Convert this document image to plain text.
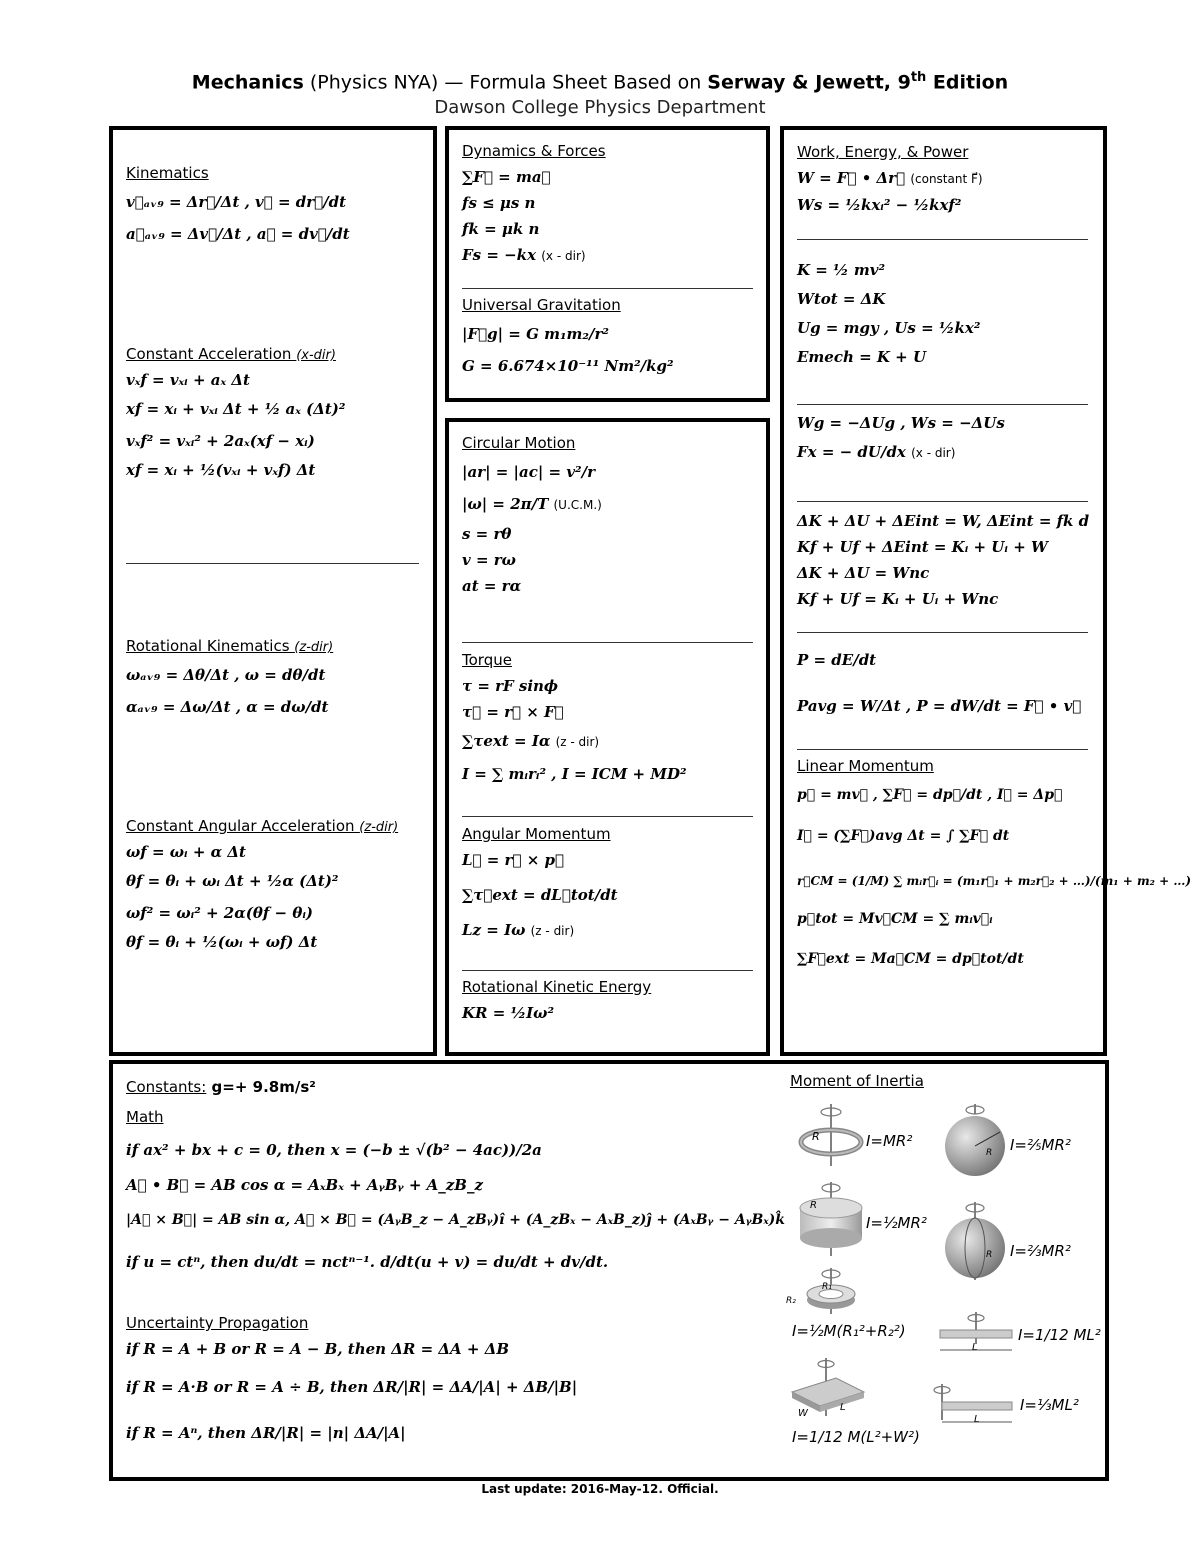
Mechanics (Physics NYA) — Formula Sheet Based on Serway & Jewett, 9th Edition
Dawson College Physics Department
Kinematics
v⃗ₐᵥ₉ = Δr⃗/Δt , v⃗ = dr⃗/dt
a⃗ₐᵥ₉ = Δv⃗/Δt , a⃗ = dv⃗/dt
Constant Acceleration (x-dir)
vₓf = vₓᵢ + aₓ Δt
xf = xᵢ + vₓᵢ Δt + ½ aₓ (Δt)²
vₓf² = vₓᵢ² + 2aₓ(xf − xᵢ)
xf = xᵢ + ½(vₓᵢ + vₓf) Δt
Rotational Kinematics (z-dir)
ωₐᵥ₉ = Δθ/Δt , ω = dθ/dt
αₐᵥ₉ = Δω/Δt , α = dω/dt
Constant Angular Acceleration (z-dir)
ωf = ωᵢ + α Δt
θf = θᵢ + ωᵢ Δt + ½α (Δt)²
ωf² = ωᵢ² + 2α(θf − θᵢ)
θf = θᵢ + ½(ωᵢ + ωf) Δt
Dynamics & Forces
∑F⃗ = ma⃗
fs ≤ μs n
fk = μk n
Fs = −kx (x - dir)
Universal Gravitation
|F⃗g| = G m₁m₂/r²
G = 6.674×10⁻¹¹ Nm²/kg²
Circular Motion
|ar| = |ac| = v²/r
|ω| = 2π/T (U.C.M.)
s = rθ
v = rω
at = rα
Torque
τ = rF sinϕ
τ⃗ = r⃗ × F⃗
∑τext = Iα (z - dir)
I = ∑ mᵢrᵢ² , I = ICM + MD²
Angular Momentum
L⃗ = r⃗ × p⃗
∑τ⃗ext = dL⃗tot/dt
Lz = Iω (z - dir)
Rotational Kinetic Energy
KR = ½Iω²
Work, Energy, & Power
W = F⃗ • Δr⃗ (constant F⃗)
Ws = ½kxᵢ² − ½kxf²
K = ½ mv²
Wtot = ΔK
Ug = mgy , Us = ½kx²
Emech = K + U
Wg = −ΔUg , Ws = −ΔUs
Fx = − dU/dx (x - dir)
ΔK + ΔU + ΔEint = W, ΔEint = fk d
Kf + Uf + ΔEint = Kᵢ + Uᵢ + W
ΔK + ΔU = Wnc
Kf + Uf = Kᵢ + Uᵢ + Wnc
P = dE/dt
Pavg = W/Δt , P = dW/dt = F⃗ • v⃗
Linear Momentum
p⃗ = mv⃗ , ∑F⃗ = dp⃗/dt , I⃗ = Δp⃗
I⃗ = (∑F⃗)avg Δt = ∫ ∑F⃗ dt
r⃗CM = (1/M) ∑ mᵢr⃗ᵢ = (m₁r⃗₁ + m₂r⃗₂ + …)/(m₁ + m₂ + …)
p⃗tot = Mv⃗CM = ∑ mᵢv⃗ᵢ
∑F⃗ext = Ma⃗CM = dp⃗tot/dt
Constants: g=+ 9.8m/s²
Math
if ax² + bx + c = 0, then x = (−b ± √(b² − 4ac))/2a
A⃗ • B⃗ = AB cos α = AₓBₓ + AᵧBᵧ + A_zB_z
|A⃗ × B⃗| = AB sin α, A⃗ × B⃗ = (AᵧB_z − A_zBᵧ)î + (A_zBₓ − AₓB_z)ĵ + (AₓBᵧ − AᵧBₓ)k̂
if u = ctⁿ, then du/dt = nctⁿ⁻¹. d/dt(u + v) = du/dt + dv/dt.
Uncertainty Propagation
if R = A + B or R = A − B, then ΔR = ΔA + ΔB
if R = A·B or R = A ÷ B, then ΔR/|R| = ΔA/|A| + ΔB/|B|
if R = Aⁿ, then ΔR/|R| = |n| ΔA/|A|
Moment of Inertia
R	I=MR²
R I=⅖MR²
R
I=½MR²
R I=⅔MR²
R₁
R₂
I=½M(R₁²+R₂²)
L
I=1/12 ML²
W
L
I=1/12 M(L²+W²)
L
I=⅓ML²
Last update: 2016-May-12. Official.
